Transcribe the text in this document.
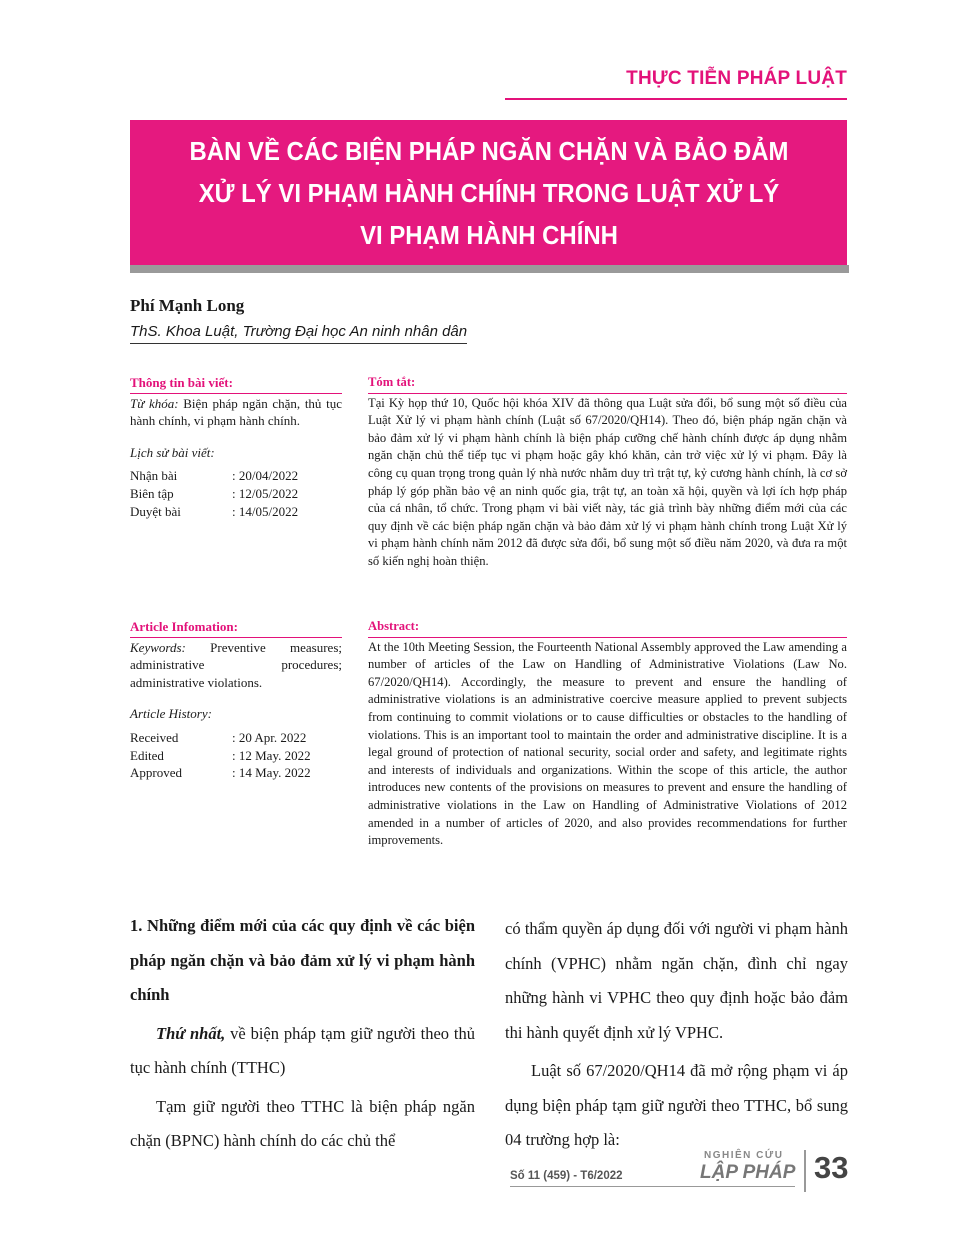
THỰC TIỄN PHÁP LUẬT
BÀN VỀ CÁC BIỆN PHÁP NGĂN CHẶN VÀ BẢO ĐẢM
XỬ LÝ VI PHẠM HÀNH CHÍNH TRONG LUẬT XỬ LÝ
VI PHẠM HÀNH CHÍNH
Phí Mạnh Long
ThS. Khoa Luật, Trường Đại học An ninh nhân dân
Thông tin bài viết:
Từ khóa: Biện pháp ngăn chặn, thủ tục hành chính, vi phạm hành chính.
Lịch sử bài viết:
Nhận bài	: 20/04/2022
Biên tập	: 12/05/2022
Duyệt bài	: 14/05/2022
Tóm tắt:
Tại Kỳ họp thứ 10, Quốc hội khóa XIV đã thông qua Luật sửa đổi, bổ sung một số điều của Luật Xử lý vi phạm hành chính (Luật số 67/2020/QH14). Theo đó, biện pháp ngăn chặn và bảo đảm xử lý vi phạm hành chính là biện pháp cưỡng chế hành chính được áp dụng nhằm ngăn chặn chủ thể tiếp tục vi phạm hoặc gây khó khăn, cản trở việc xử lý vi phạm. Đây là công cụ quan trọng trong quản lý nhà nước nhằm duy trì trật tự, kỷ cương hành chính, là cơ sở pháp lý góp phần bảo vệ an ninh quốc gia, trật tự, an toàn xã hội, quyền và lợi ích hợp pháp của cá nhân, tổ chức. Trong phạm vi bài viết này, tác giả trình bày những điểm mới của các quy định về các biện pháp ngăn chặn và bảo đảm xử lý vi phạm hành chính trong Luật Xử lý vi phạm hành chính năm 2012 đã được sửa đổi, bổ sung một số điều năm 2020, và đưa ra một số kiến nghị hoàn thiện.
Article Infomation:
Keywords: Preventive measures; administrative procedures; administrative violations.
Article History:
Received	: 20 Apr. 2022
Edited	: 12 May. 2022
Approved	: 14 May. 2022
Abstract:
At the 10th Meeting Session, the Fourteenth National Assembly approved the Law amending a number of articles of the Law on Handling of Administrative Violations (Law No. 67/2020/QH14). Accordingly, the measure to prevent and ensure the handling of administrative violations is an administrative coercive measure applied to prevent subjects from continuing to commit violations or to cause difficulties or obstacles to the handling of violations. This is an important tool to maintain the order and administrative discipline. It is a legal ground of protection of national security, social order and safety, and legitimate rights and interests of individuals and organizations. Within the scope of this article, the author introduces new contents of the provisions on measures to prevent and ensure the handling of administrative violations in the Law on Handling of Administrative Violations of 2012 amended in a number of articles of 2020, and also provides recommendations for further improvements.
1. Những điểm mới của các quy định về các biện pháp ngăn chặn và bảo đảm xử lý vi phạm hành chính
Thứ nhất, về biện pháp tạm giữ người theo thủ tục hành chính (TTHC)
Tạm giữ người theo TTHC là biện pháp ngăn chặn (BPNC) hành chính do các chủ thể
có thẩm quyền áp dụng đối với người vi phạm hành chính (VPHC) nhằm ngăn chặn, đình chỉ ngay những hành vi VPHC theo quy định hoặc bảo đảm thi hành quyết định xử lý VPHC.
Luật số 67/2020/QH14 đã mở rộng phạm vi áp dụng biện pháp tạm giữ người theo TTHC, bổ sung 04 trường hợp là:
Số 11 (459) - T6/2022
NGHIÊN CỨU
LẬP PHÁP 33
